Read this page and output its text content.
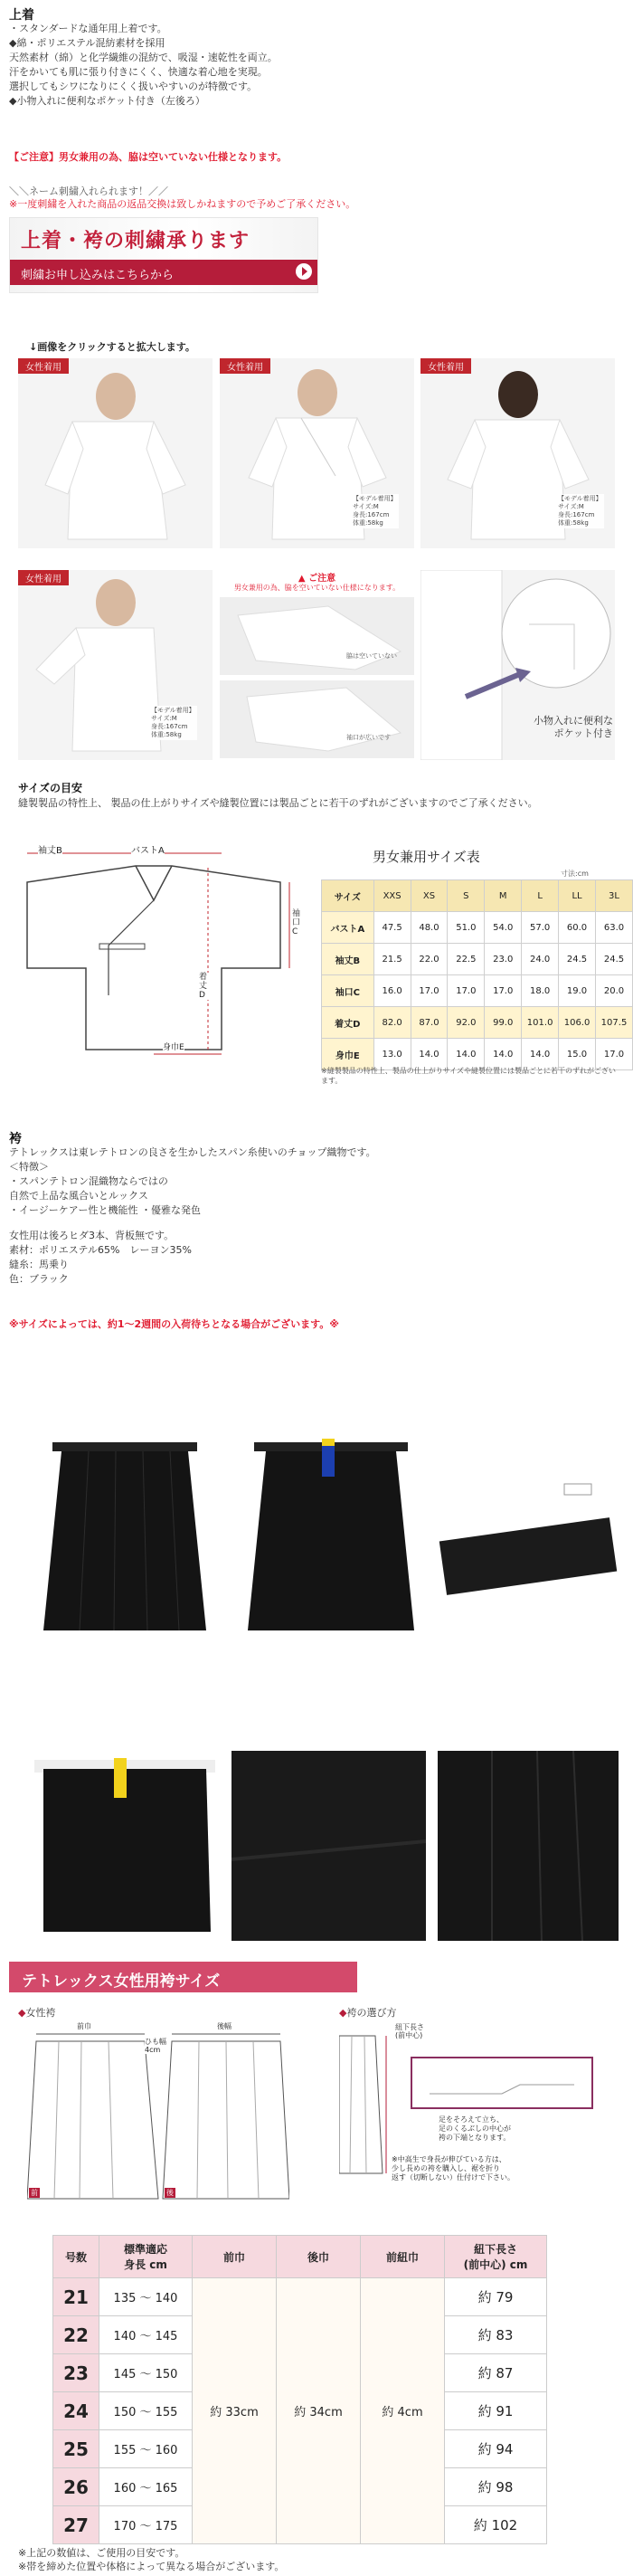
上着
・スタンダードな通年用上着です。
◆綿・ポリエステル混紡素材を採用
天然素材（綿）と化学繊維の混紡で、吸湿・速乾性を両立。
汗をかいても肌に張り付きにくく、快適な着心地を実現。
選択してもシワになりにくく扱いやすいのが特徴です。
◆小物入れに便利なポケット付き（左後ろ）
【ご注意】男女兼用の為、脇は空いていない仕様となります。
＼＼ネーム刺繍入れられます！／／
※一度刺繍を入れた商品の返品交換は致しかねますので予めご了承ください。
上着・袴の刺繍承ります
刺繍お申し込みはこちらから
↓画像をクリックすると拡大します。
女性着用	女性着用
【モデル着用】
サイズ:M
身長:167cm
体重:58kg
女性着用
【モデル着用】
サイズ:M
身長:167cm
体重:58kg
女性着用
【モデル着用】
サイズ:M
身長:167cm
体重:58kg
▲ ご注意
男女兼用の為、脇を空いていない仕様になります。
脇は空いていない
袖口が広いです
小物入れに便利な
ポケット付き
サイズの目安
縫製製品の特性上、 製品の仕上がりサイズや縫製位置には製品ごとに若干のずれがございますのでご了承ください。
袖丈B	バストA
袖口C
着丈D
身巾E
男女兼用サイズ表
寸法:cm
サイズ	XXS	XS	S	M	L	LL	3L
バストA	47.5	48.0	51.0	54.0	57.0	60.0	63.0
袖丈B	21.5	22.0	22.5	23.0	24.0	24.5	24.5
袖口C	16.0	17.0	17.0	17.0	18.0	19.0	20.0
着丈D	82.0	87.0	92.0	99.0	101.0	106.0	107.5
身巾E	13.0	14.0	14.0	14.0	14.0	15.0	17.0
※縫製製品の特性上、製品の仕上がりサイズや縫製位置には製品ごとに若干のずれがございます。
袴
テトレックスは東レテトロンの良さを生かしたスパン糸使いのチョップ織物です。
＜特徴＞
・スパンテトロン混織物ならではの
自然で上品な風合いとルックス
・イージーケアー性と機能性 ・優雅な発色
女性用は後ろヒダ3本、背板無です。
素材：ポリエステル65%　レーヨン35%
縫糸：馬乗り
色：ブラック
※サイズによっては、約1〜2週間の入荷待ちとなる場合がございます。※
テトレックス女性用袴サイズ
◆女性袴
前巾	後幅
ひも幅
4cm
前	後
◆袴の選び方
紐下長さ
(前中心)
足をそろえて立ち、
足のくるぶしの中心が
袴の下端となります。
※中高生で身長が伸びている方は、
少し長めの袴を購入し、裾を折り
返す（切断しない）仕付けで下さい。
号数	標準適応
身長 cm	前巾	後巾	前紐巾	紐下長さ
(前中心) cm
21	135 〜 140	約 33cm	約 34cm	約 4cm	約 79
22	140 〜 145				約 83
23	145 〜 150				約 87
24	150 〜 155				約 91
25	155 〜 160				約 94
26	160 〜 165				約 98
27	170 〜 175				約 102
※上記の数値は、ご使用の目安です。
※帯を締めた位置や体格によって異なる場合がございます。
